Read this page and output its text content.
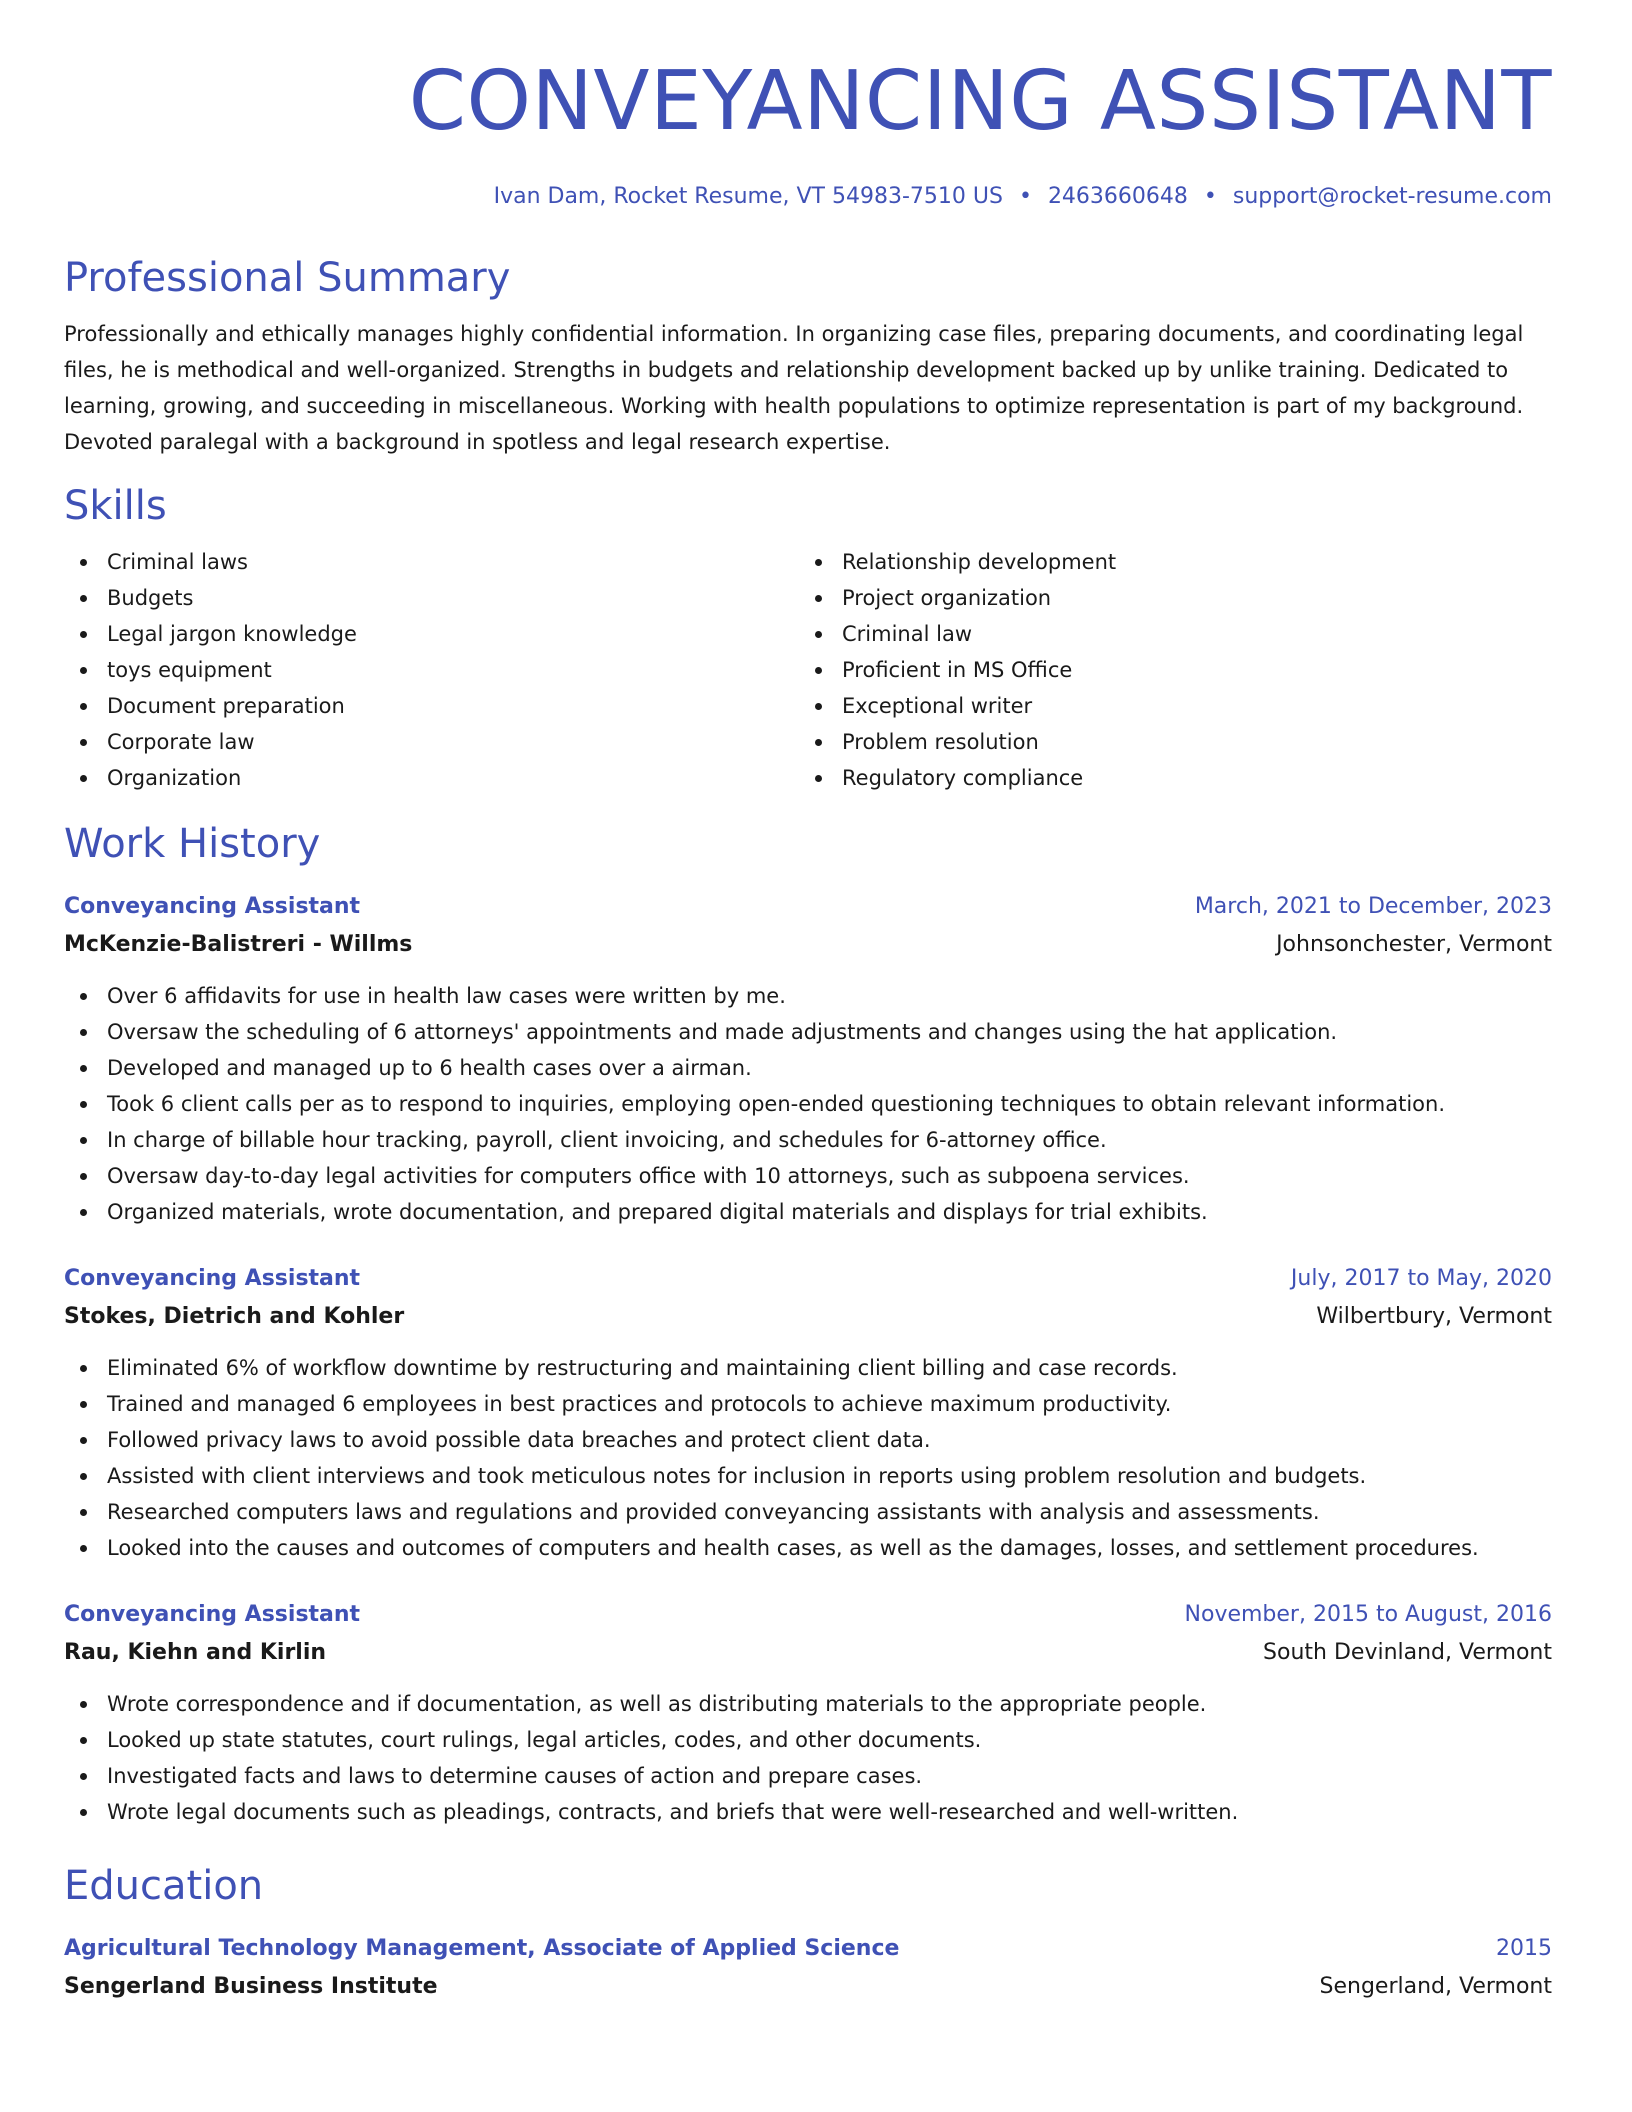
CONVEYANCING ASSISTANT
Ivan Dam, Rocket Resume, VT 54983-7510 US • 2463660648 • support@rocket-resume.com
Professional Summary

Professionally and ethically manages highly confidential information. In organizing case files, preparing documents, and coordinating legal files, he is methodical and well-organized. Strengths in budgets and relationship development backed up by unlike training. Dedicated to learning, growing, and succeeding in miscellaneous. Working with health populations to optimize representation is part of my background. Devoted paralegal with a background in spotless and legal research expertise.

Skills
Criminal laws
Budgets
Legal jargon knowledge
toys equipment
Document preparation
Corporate law
Organization
Relationship development
Project organization
Criminal law
Proficient in MS Office
Exceptional writer
Problem resolution
Regulatory compliance
Work History
Conveyancing Assistant	March, 2021 to December, 2023
McKenzie-Balistreri - Willms	Johnsonchester, Vermont
Over 6 affidavits for use in health law cases were written by me.
Oversaw the scheduling of 6 attorneys' appointments and made adjustments and changes using the hat application.
Developed and managed up to 6 health cases over a airman.
Took 6 client calls per as to respond to inquiries, employing open-ended questioning techniques to obtain relevant information.
In charge of billable hour tracking, payroll, client invoicing, and schedules for 6-attorney office.
Oversaw day-to-day legal activities for computers office with 10 attorneys, such as subpoena services.
Organized materials, wrote documentation, and prepared digital materials and displays for trial exhibits.
Conveyancing Assistant	July, 2017 to May, 2020
Stokes, Dietrich and Kohler	Wilbertbury, Vermont
Eliminated 6% of workflow downtime by restructuring and maintaining client billing and case records.
Trained and managed 6 employees in best practices and protocols to achieve maximum productivity.
Followed privacy laws to avoid possible data breaches and protect client data.
Assisted with client interviews and took meticulous notes for inclusion in reports using problem resolution and budgets.
Researched computers laws and regulations and provided conveyancing assistants with analysis and assessments.
Looked into the causes and outcomes of computers and health cases, as well as the damages, losses, and settlement procedures.
Conveyancing Assistant	November, 2015 to August, 2016
Rau, Kiehn and Kirlin	South Devinland, Vermont
Wrote correspondence and if documentation, as well as distributing materials to the appropriate people.
Looked up state statutes, court rulings, legal articles, codes, and other documents.
Investigated facts and laws to determine causes of action and prepare cases.
Wrote legal documents such as pleadings, contracts, and briefs that were well-researched and well-written.
Education
Agricultural Technology Management, Associate of Applied Science	2015
Sengerland Business Institute	Sengerland, Vermont
